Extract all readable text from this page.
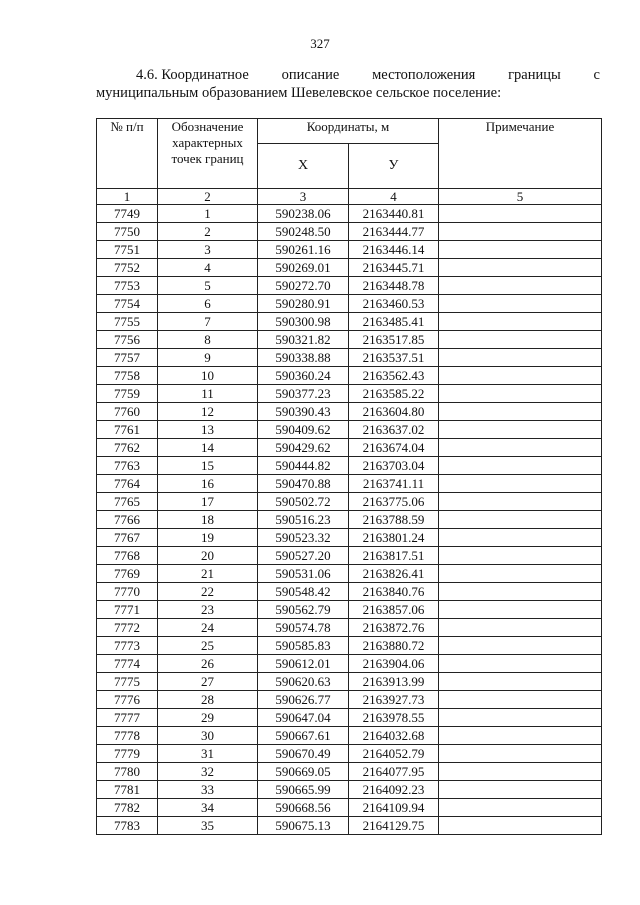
327
4.6. Координатное описание местоположения границы с
муниципальным образованием Шевелевское сельское поселение:
№ п/п	Обозначение характерных точек границ	Координаты, м		Примечание
		X	У	
1	2	3	4	5
7749	1	590238.06	2163440.81	
7750	2	590248.50	2163444.77	
7751	3	590261.16	2163446.14	
7752	4	590269.01	2163445.71	
7753	5	590272.70	2163448.78	
7754	6	590280.91	2163460.53	
7755	7	590300.98	2163485.41	
7756	8	590321.82	2163517.85	
7757	9	590338.88	2163537.51	
7758	10	590360.24	2163562.43	
7759	11	590377.23	2163585.22	
7760	12	590390.43	2163604.80	
7761	13	590409.62	2163637.02	
7762	14	590429.62	2163674.04	
7763	15	590444.82	2163703.04	
7764	16	590470.88	2163741.11	
7765	17	590502.72	2163775.06	
7766	18	590516.23	2163788.59	
7767	19	590523.32	2163801.24	
7768	20	590527.20	2163817.51	
7769	21	590531.06	2163826.41	
7770	22	590548.42	2163840.76	
7771	23	590562.79	2163857.06	
7772	24	590574.78	2163872.76	
7773	25	590585.83	2163880.72	
7774	26	590612.01	2163904.06	
7775	27	590620.63	2163913.99	
7776	28	590626.77	2163927.73	
7777	29	590647.04	2163978.55	
7778	30	590667.61	2164032.68	
7779	31	590670.49	2164052.79	
7780	32	590669.05	2164077.95	
7781	33	590665.99	2164092.23	
7782	34	590668.56	2164109.94	
7783	35	590675.13	2164129.75	
